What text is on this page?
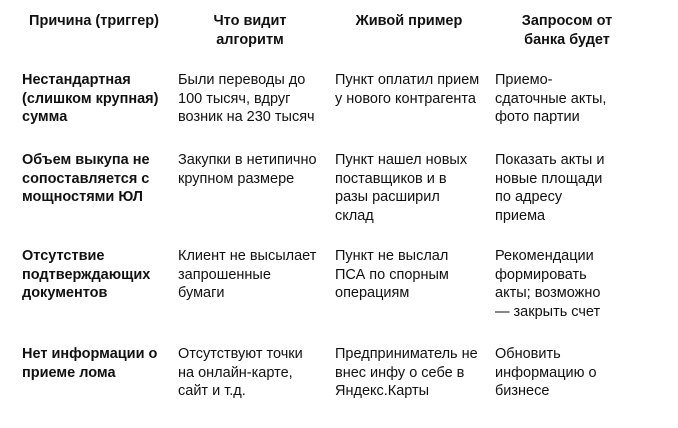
Причина (триггер)	Что видит
алгоритм

Живой пример	Запросом от
банка будет

Нестандартная
(слишком крупная)
сумма

Были переводы до
100 тысяч, вдруг
возник на 230 тысяч

Пункт оплатил прием
у нового контрагента

Приемо-
сдаточные акты,
фото партии

Объем выкупа не
сопоставляется с
мощностями ЮЛ

Закупки в нетипично
крупном размере

Пункт нашел новых
поставщиков и в
разы расширил
склад

Показать акты и
новые площади
по адресу
приема

Отсутствие
подтверждающих
документов

Клиент не высылает
запрошенные
бумаги

Пункт не выслал
ПСА по спорным
операциям

Рекомендации
формировать
акты; возможно
— закрыть счет

Нет информации о
приеме лома

Отсутствуют точки
на онлайн-карте,
сайт и т.д.

Предприниматель не
внес инфу о себе в
Яндекс.Карты

Обновить
информацию о
бизнесе
